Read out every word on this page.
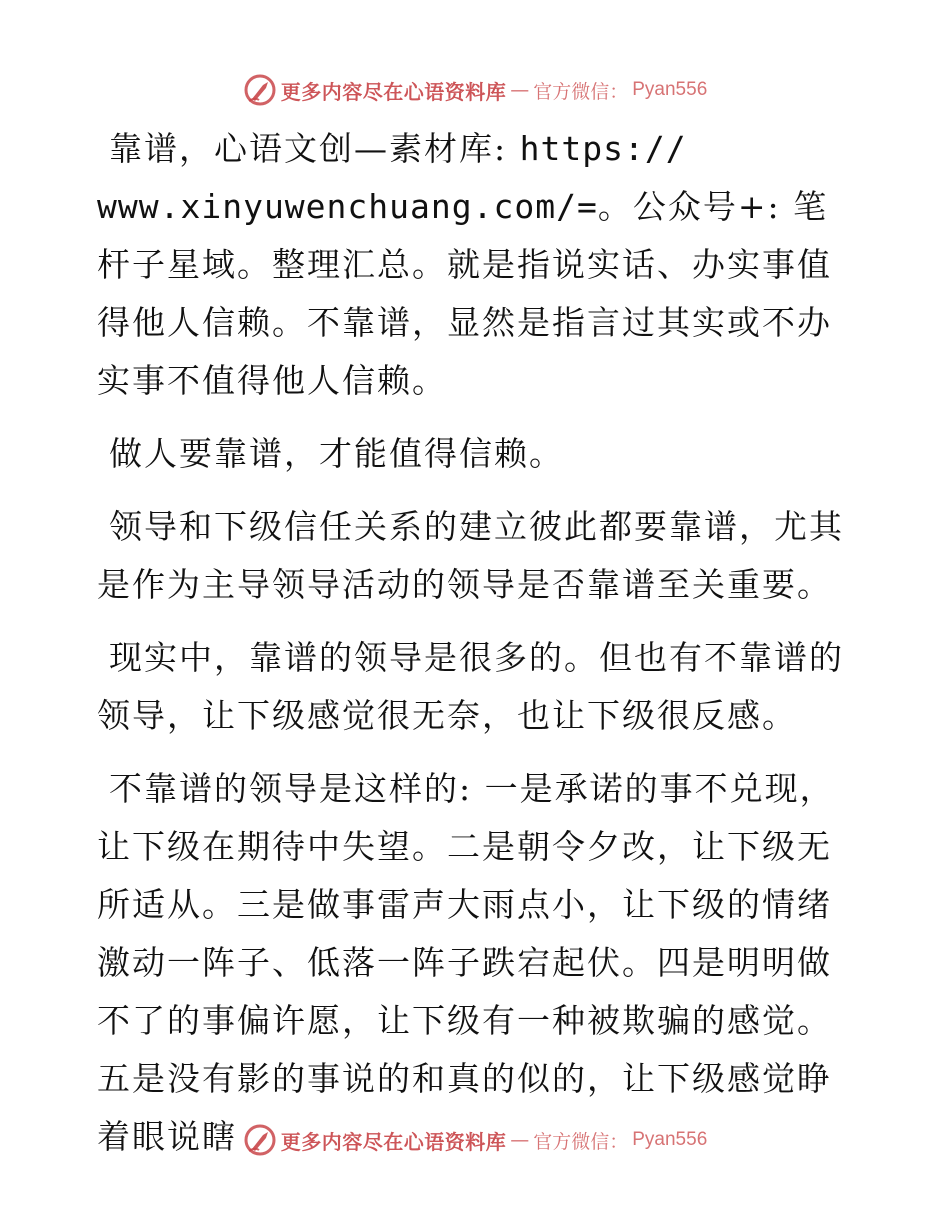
更多内容尽在心语资料库 — 官方微信： Pyan556

靠谱，心语文创—素材库: https://
www.xinyuwenchuang.com/=。公众号+: 笔杆子星域。整理汇总。就是指说实话、办实事值得他人信赖。不靠谱，显然是指言过其实或不办实事不值得他人信赖。

做人要靠谱，才能值得信赖。

领导和下级信任关系的建立彼此都要靠谱，尤其是作为主导领导活动的领导是否靠谱至关重要。

现实中，靠谱的领导是很多的。但也有不靠谱的领导，让下级感觉很无奈，也让下级很反感。

不靠谱的领导是这样的: 一是承诺的事不兑现，让下级在期待中失望。二是朝令夕改，让下级无所适从。三是做事雷声大雨点小，让下级的情绪激动一阵子、低落一阵子跌宕起伏。四是明明做不了的事偏许愿，让下级有一种被欺骗的感觉。五是没有影的事说的和真的似的，让下级感觉睁着眼说瞎	更多内容尽在心语资料库 — 官方微信： Pyan556
